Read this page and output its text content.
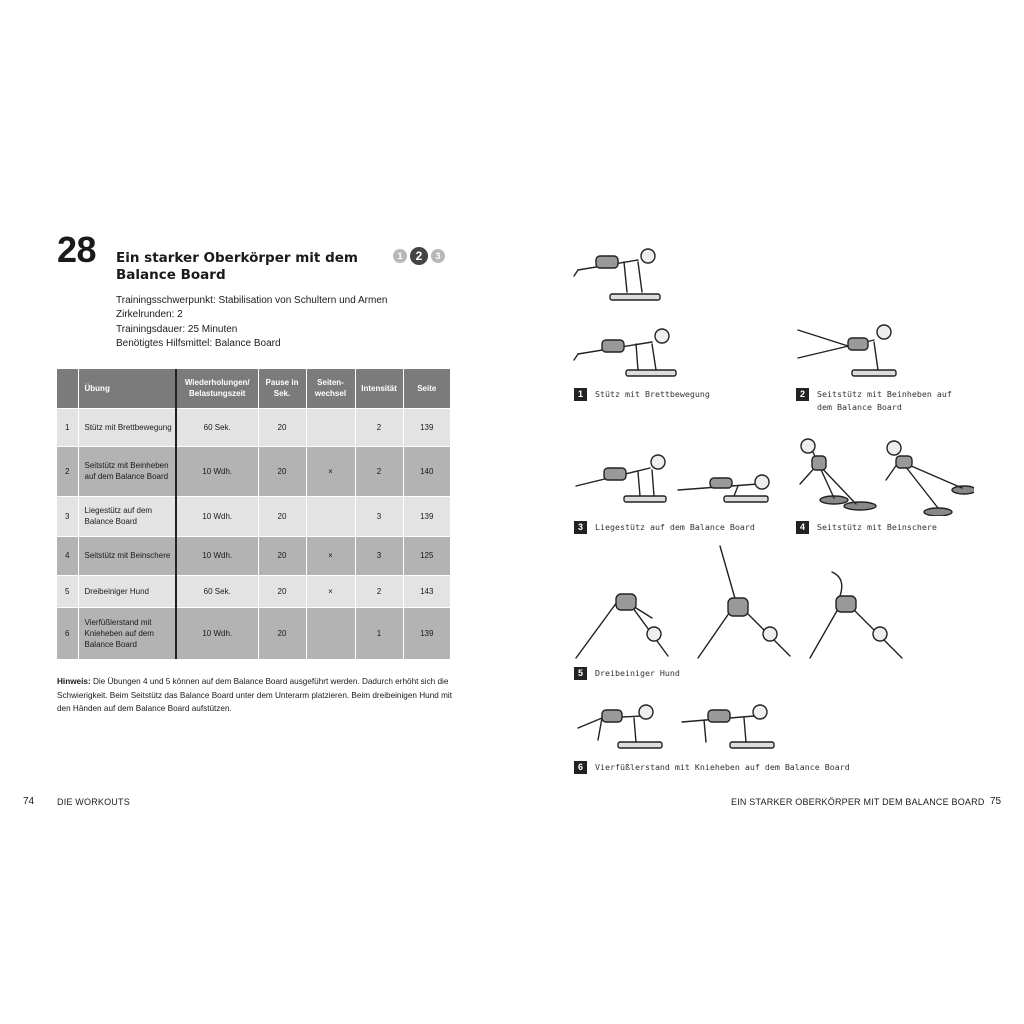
28 Ein starker Oberkörper mit dem Balance Board
1	2	3
Trainingsschwerpunkt: Stabilisation von Schultern und Armen
Zirkelrunden: 2
Trainingsdauer: 25 Minuten
Benötigtes Hilfsmittel: Balance Board
	Übung	Wiederholungen/ Belastungszeit	Pause in Sek.	Seiten- wechsel	Intensität	Seite
1	Stütz mit Brettbewegung	60 Sek.	20		2	139
2	Seitstütz mit Beinheben auf dem Balance Board	10 Wdh.	20	×	2	140
3	Liegestütz auf dem Balance Board	10 Wdh.	20		3	139
4	Seitstütz mit Beinschere	10 Wdh.	20	×	3	125
5	Dreibeiniger Hund	60 Sek.	20	×	2	143
6	Vierfüßlerstand mit Knieheben auf dem Balance Board	10 Wdh.	20		1	139

Hinweis: Die Übungen 4 und 5 können auf dem Balance Board ausgeführt werden. Dadurch erhöht sich die Schwierigkeit. Beim Seitstütz das Balance Board unter dem Unterarm platzieren. Beim dreibeinigen Hund mit den Händen auf dem Balance Board aufstützen.

74	DIE WORKOUTS
1	Stütz mit Brettbewegung	2	Seitstütz mit Beinheben auf dem Balance Board
3	Liegestütz auf dem Balance Board	4	Seitstütz mit Beinschere
5	Dreibeiniger Hund
6	Vierfüßlerstand mit Knieheben auf dem Balance Board
EIN STARKER OBERKÖRPER MIT DEM BALANCE BOARD 75
